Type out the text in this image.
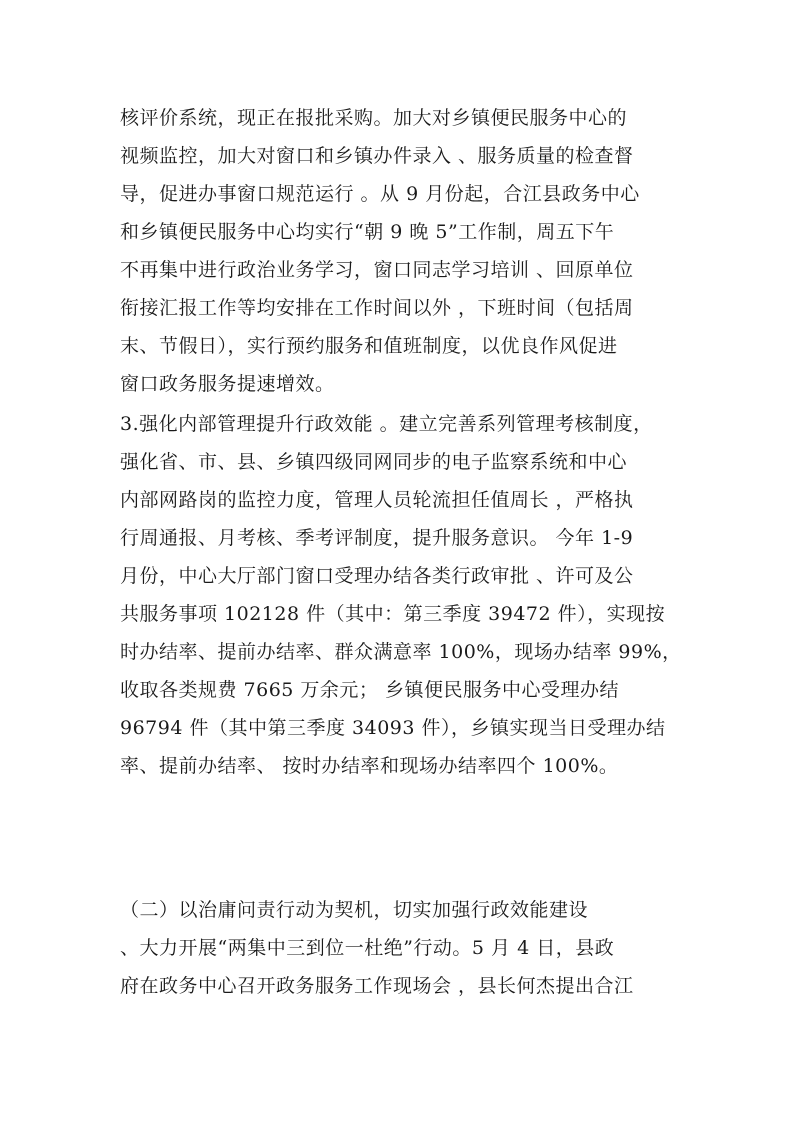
核评价系统，现正在报批采购。加大对乡镇便民服务中心的
视频监控，加大对窗口和乡镇办件录入 、服务质量的检查督
导，促进办事窗口规范运行 。从 9 月份起，合江县政务中心
和乡镇便民服务中心均实行“朝 9 晚 5”工作制，周五下午
不再集中进行政治业务学习，窗口同志学习培训 、回原单位
衔接汇报工作等均安排在工作时间以外 ，下班时间（包括周
末、节假日），实行预约服务和值班制度，以优良作风促进
窗口政务服务提速增效。
3.强化内部管理提升行政效能 。建立完善系列管理考核制度，
强化省、市、县、乡镇四级同网同步的电子监察系统和中心
内部网路岗的监控力度，管理人员轮流担任值周长 ，严格执
行周通报、月考核、季考评制度，提升服务意识。 今年 1-9
月份，中心大厅部门窗口受理办结各类行政审批 、许可及公
共服务事项 102128 件（其中：第三季度 39472 件），实现按
时办结率、提前办结率、群众满意率 100%，现场办结率 99%，
收取各类规费 7665 万余元； 乡镇便民服务中心受理办结
96794 件（其中第三季度 34093 件），乡镇实现当日受理办结
率、提前办结率、 按时办结率和现场办结率四个 100%。
（二）以治庸问责行动为契机，切实加强行政效能建设
、大力开展“两集中三到位一杜绝”行动。5 月 4 日，县政
府在政务中心召开政务服务工作现场会 ，县长何杰提出合江
